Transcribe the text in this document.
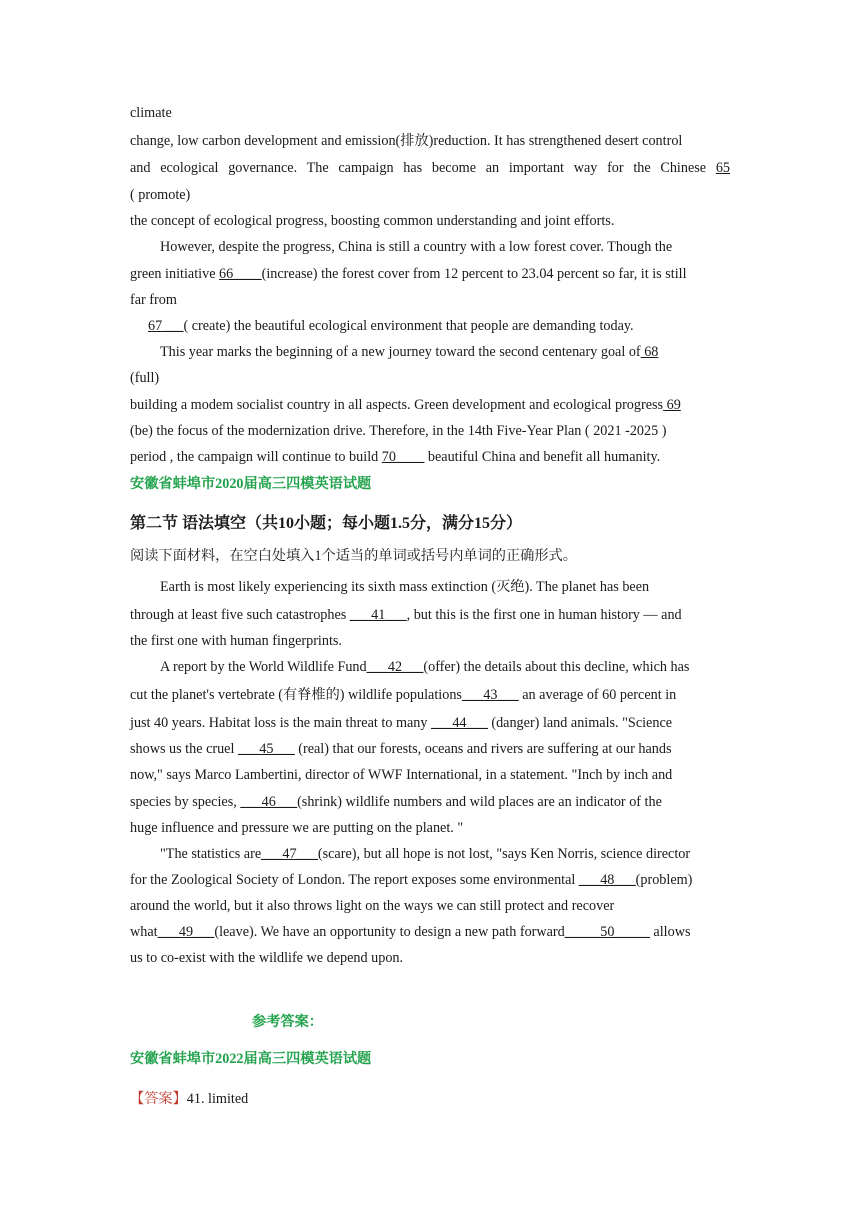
climate
change, low carbon development and emission(排放)reduction. It has strengthened desert control
and ecological governance. The campaign has become an important way for the Chinese 65
( promote)
the concept of ecological progress, boosting common understanding and joint efforts.
However, despite the progress, China is still a country with a low forest cover. Though the
green initiative 66____(increase) the forest cover from 12 percent to 23.04 percent so far, it is still
far from
67___( create) the beautiful ecological environment that people are demanding today.
This year marks the beginning of a new journey toward the second centenary goal of 68
(full)
building a modem socialist country in all aspects. Green development and ecological progress 69
(be) the focus of the modernization drive. Therefore, in the 14th Five-Year Plan ( 2021 -2025 )
period , the campaign will continue to build 70____ beautiful China and benefit all humanity.
安徽省蚌埠市2020届高三四模英语试题
第二节 语法填空（共10小题；每小题1.5分，满分15分）
阅读下面材料，在空白处填入1个适当的单词或括号内单词的正确形式。
Earth is most likely experiencing its sixth mass extinction (灭绝). The planet has been
through at least five such catastrophes ___41___, but this is the first one in human history — and
the first one with human fingerprints.
A report by the World Wildlife Fund___42___(offer) the details about this decline, which has
cut the planet's vertebrate (有脊椎的) wildlife populations___43___ an average of 60 percent in
just 40 years. Habitat loss is the main threat to many ___44___ (danger) land animals. "Science
shows us the cruel ___45___ (real) that our forests, oceans and rivers are suffering at our hands
now," says Marco Lambertini, director of WWF International, in a statement. "Inch by inch and
species by species, ___46___(shrink) wildlife numbers and wild places are an indicator of the
huge influence and pressure we are putting on the planet. "
"The statistics are___47___(scare), but all hope is not lost, "says Ken Norris, science director
for the Zoological Society of London. The report exposes some environmental ___48___(problem)
around the world, but it also throws light on the ways we can still protect and recover
what___49___(leave). We have an opportunity to design a new path forward_____50_____ allows
us to co-exist with the wildlife we depend upon.
参考答案：
安徽省蚌埠市2022届高三四模英语试题
【答案】41. limited
